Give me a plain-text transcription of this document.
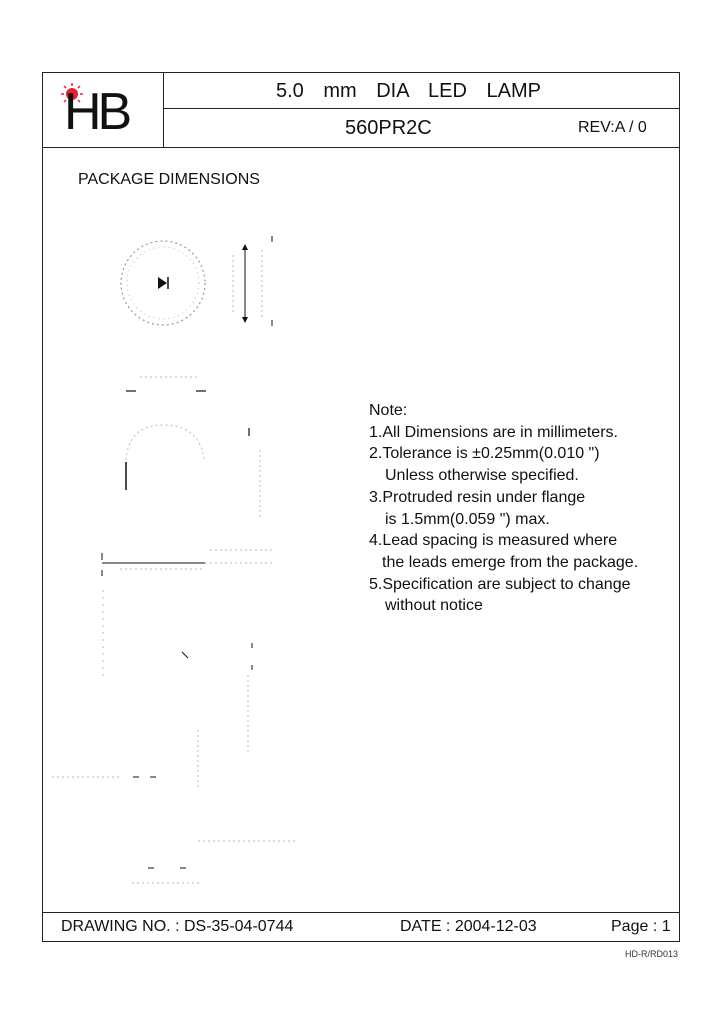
HB	5.0 mm DIA LED LAMP
560PR2C	REV:A / 0
PACKAGE DIMENSIONS
Note:
1.All Dimensions are in millimeters.
2.Tolerance is ±0.25mm(0.010 ")
Unless otherwise specified.
3.Protruded resin under flange
is 1.5mm(0.059 ") max.
4.Lead spacing is measured where
the leads emerge from the package.
5.Specification are subject to change
without notice
DRAWING NO. : DS-35-04-0744	DATE : 2004-12-03	Page : 1
HD-R/RD013
